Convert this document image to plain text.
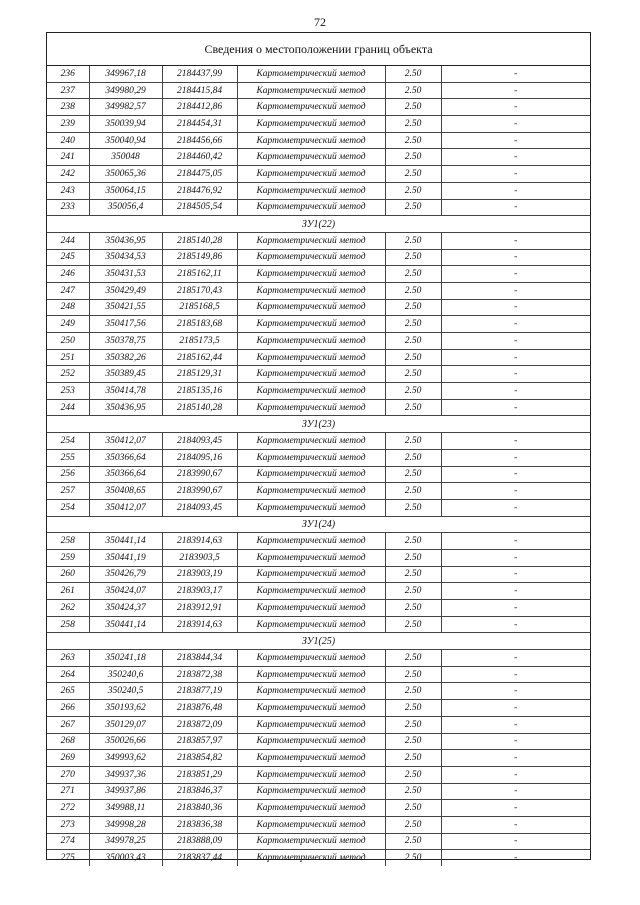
72
Сведения о местоположении границ объекта
236	349967,18	2184437,99	Картометрический метод	2.50	-
237	349980,29	2184415,84	Картометрический метод	2.50	-
238	349982,57	2184412,86	Картометрический метод	2.50	-
239	350039,94	2184454,31	Картометрический метод	2.50	-
240	350040,94	2184456,66	Картометрический метод	2.50	-
241	350048	2184460,42	Картометрический метод	2.50	-
242	350065,36	2184475,05	Картометрический метод	2.50	-
243	350064,15	2184476,92	Картометрический метод	2.50	-
233	350056,4	2184505,54	Картометрический метод	2.50	-
ЗУ1(22)					
244	350436,95	2185140,28	Картометрический метод	2.50	-
245	350434,53	2185149,86	Картометрический метод	2.50	-
246	350431,53	2185162,11	Картометрический метод	2.50	-
247	350429,49	2185170,43	Картометрический метод	2.50	-
248	350421,55	2185168,5	Картометрический метод	2.50	-
249	350417,56	2185183,68	Картометрический метод	2.50	-
250	350378,75	2185173,5	Картометрический метод	2.50	-
251	350382,26	2185162,44	Картометрический метод	2.50	-
252	350389,45	2185129,31	Картометрический метод	2.50	-
253	350414,78	2185135,16	Картометрический метод	2.50	-
244	350436,95	2185140,28	Картометрический метод	2.50	-
ЗУ1(23)					
254	350412,07	2184093,45	Картометрический метод	2.50	-
255	350366,64	2184095,16	Картометрический метод	2.50	-
256	350366,64	2183990,67	Картометрический метод	2.50	-
257	350408,65	2183990,67	Картометрический метод	2.50	-
254	350412,07	2184093,45	Картометрический метод	2.50	-
ЗУ1(24)					
258	350441,14	2183914,63	Картометрический метод	2.50	-
259	350441,19	2183903,5	Картометрический метод	2.50	-
260	350426,79	2183903,19	Картометрический метод	2.50	-
261	350424,07	2183903,17	Картометрический метод	2.50	-
262	350424,37	2183912,91	Картометрический метод	2.50	-
258	350441,14	2183914,63	Картометрический метод	2.50	-
ЗУ1(25)					
263	350241,18	2183844,34	Картометрический метод	2.50	-
264	350240,6	2183872,38	Картометрический метод	2.50	-
265	350240,5	2183877,19	Картометрический метод	2.50	-
266	350193,62	2183876,48	Картометрический метод	2.50	-
267	350129,07	2183872,09	Картометрический метод	2.50	-
268	350026,66	2183857,97	Картометрический метод	2.50	-
269	349993,62	2183854,82	Картометрический метод	2.50	-
270	349937,36	2183851,29	Картометрический метод	2.50	-
271	349937,86	2183846,37	Картометрический метод	2.50	-
272	349988,11	2183840,36	Картометрический метод	2.50	-
273	349998,28	2183836,38	Картометрический метод	2.50	-
274	349978,25	2183888,09	Картометрический метод	2.50	-
275	350003,43	2183837,44	Картометрический метод	2.50	-
